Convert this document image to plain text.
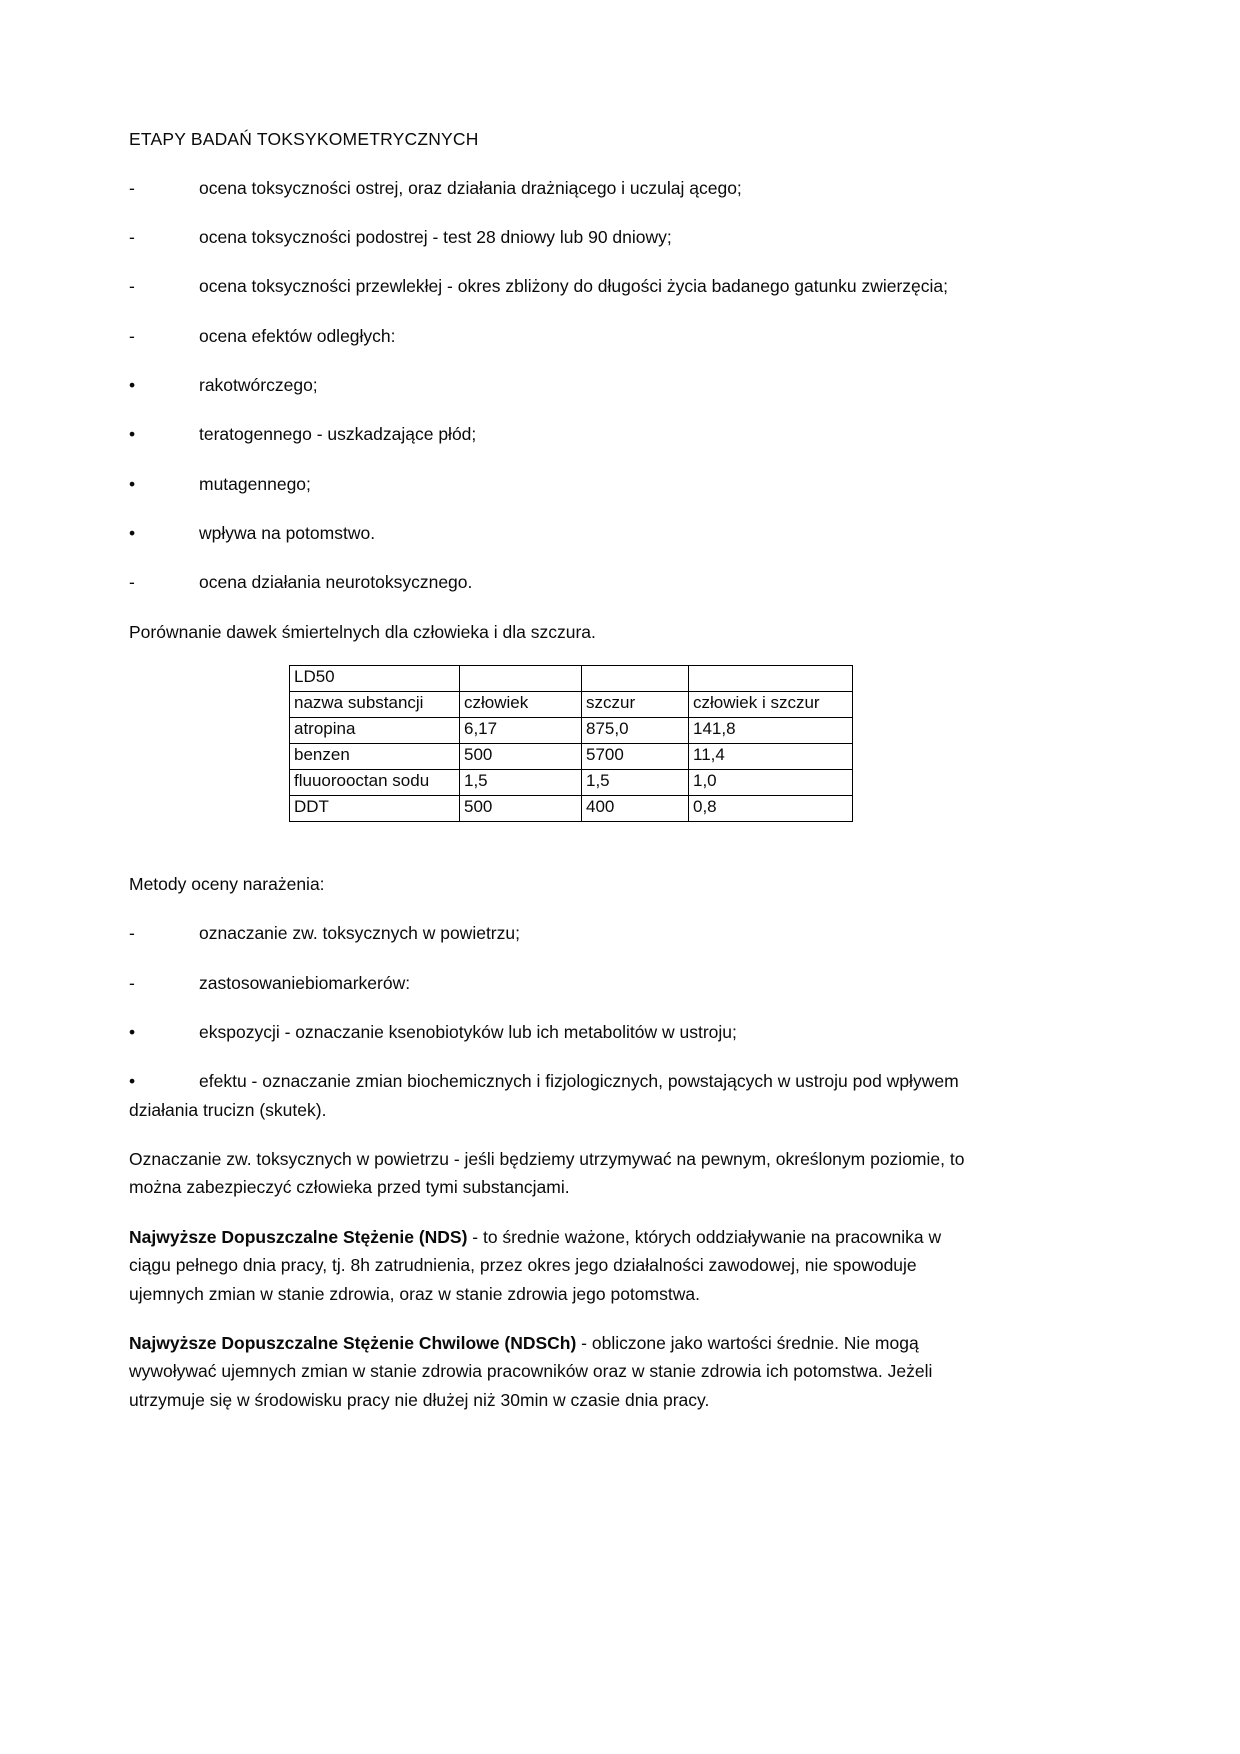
ETAPY BADAŃ TOKSYKOMETRYCZNYCH
-	ocena toksyczności ostrej, oraz działania drażniącego i uczulaj ącego;
-	ocena toksyczności podostrej - test 28 dniowy lub 90 dniowy;
-	ocena toksyczności przewlekłej - okres zbliżony do długości życia badanego gatunku zwierzęcia;
-	ocena efektów odległych:
•	rakotwórczego;
•	teratogennego - uszkadzające płód;
•	mutagennego;
•	wpływa na potomstwo.
-	ocena działania neurotoksycznego.
Porównanie dawek śmiertelnych dla człowieka i dla szczura.
LD50			
nazwa substancji	człowiek	szczur	człowiek i szczur
atropina	6,17	875,0	141,8
benzen	500	5700	11,4
fluuorooctan sodu	1,5	1,5	1,0
DDT	500	400	0,8
Metody oceny narażenia:
-	oznaczanie zw. toksycznych w powietrzu;
-	zastosowaniebiomarkerów:
•	ekspozycji - oznaczanie ksenobiotyków lub ich metabolitów w ustroju;
•	efektu - oznaczanie zmian biochemicznych i fizjologicznych, powstających w ustroju pod wpływem działania trucizn (skutek).
Oznaczanie zw. toksycznych w powietrzu - jeśli będziemy utrzymywać na pewnym, określonym poziomie, to można zabezpieczyć człowieka przed tymi substancjami.
Najwyższe Dopuszczalne Stężenie (NDS) - to średnie ważone, których oddziaływanie na pracownika w ciągu pełnego dnia pracy, tj. 8h zatrudnienia, przez okres jego działalności zawodowej, nie spowoduje ujemnych zmian w stanie zdrowia, oraz w stanie zdrowia jego potomstwa.
Najwyższe Dopuszczalne Stężenie Chwilowe (NDSCh) - obliczone jako wartości średnie. Nie mogą wywoływać ujemnych zmian w stanie zdrowia pracowników oraz w stanie zdrowia ich potomstwa. Jeżeli utrzymuje się w środowisku pracy nie dłużej niż 30min w czasie dnia pracy.
